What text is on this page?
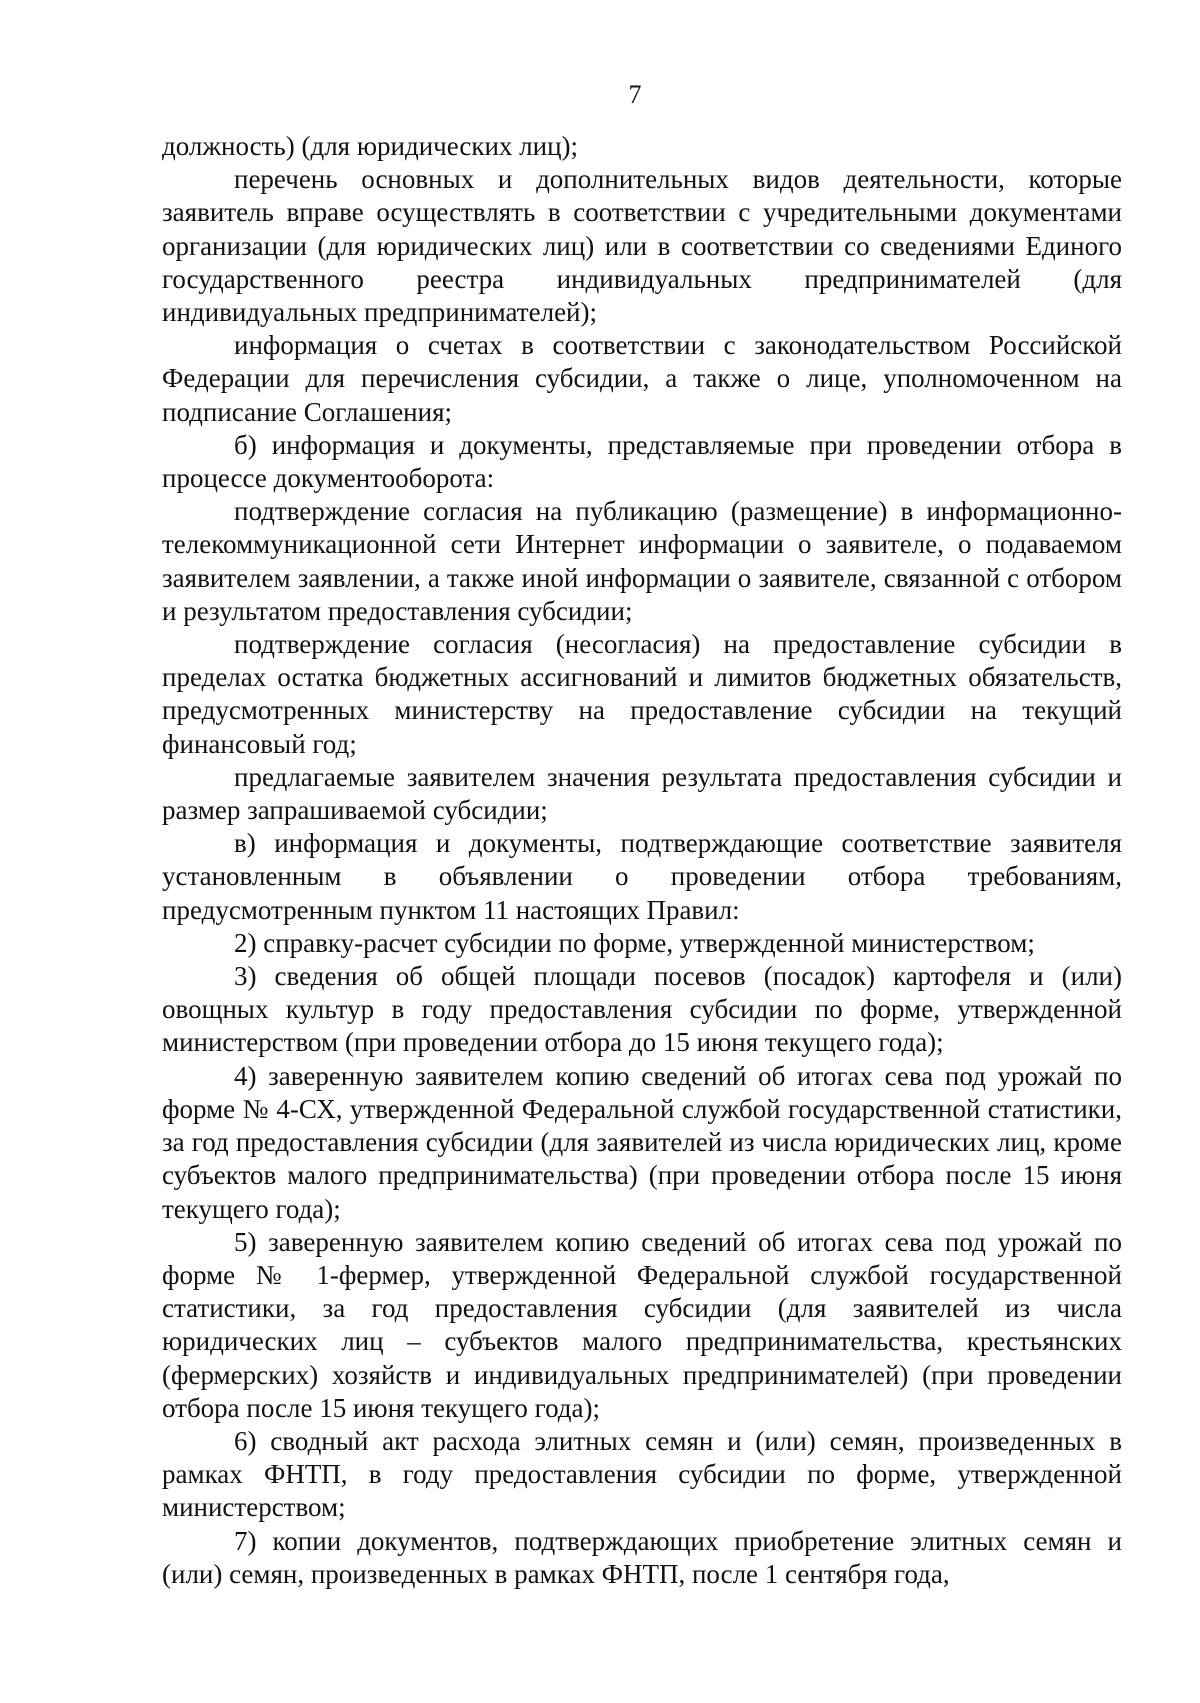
7

должность) (для юридических лиц);

перечень основных и дополнительных видов деятельности, которые заявитель вправе осуществлять в соответствии с учредительными документами организации (для юридических лиц) или в соответствии со сведениями Единого государственного реестра индивидуальных предпринимателей (для индивидуальных предпринимателей);

информация о счетах в соответствии с законодательством Российской Федерации для перечисления субсидии, а также о лице, уполномоченном на подписание Соглашения;

б) информация и документы, представляемые при проведении отбора в процессе документооборота:

подтверждение согласия на публикацию (размещение) в информационно-телекоммуникационной сети Интернет информации о заявителе, о подаваемом заявителем заявлении, а также иной информации о заявителе, связанной с отбором и результатом предоставления субсидии;

подтверждение согласия (несогласия) на предоставление субсидии в пределах остатка бюджетных ассигнований и лимитов бюджетных обязательств, предусмотренных министерству на предоставление субсидии на текущий финансовый год;

предлагаемые заявителем значения результата предоставления субсидии и размер запрашиваемой субсидии;

в) информация и документы, подтверждающие соответствие заявителя установленным в объявлении о проведении отбора требованиям, предусмотренным пунктом 11 настоящих Правил:

2) справку-расчет субсидии по форме, утвержденной министерством;

3) сведения об общей площади посевов (посадок) картофеля и (или) овощных культур в году предоставления субсидии по форме, утвержденной министерством (при проведении отбора до 15 июня текущего года);

4) заверенную заявителем копию сведений об итогах сева под урожай по форме № 4-СХ, утвержденной Федеральной службой государственной статистики, за год предоставления субсидии (для заявителей из числа юридических лиц, кроме субъектов малого предпринимательства) (при проведении отбора после 15 июня текущего года);

5) заверенную заявителем копию сведений об итогах сева под урожай по форме № 1-фермер, утвержденной Федеральной службой государственной статистики, за год предоставления субсидии (для заявителей из числа юридических лиц – субъектов малого предпринимательства, крестьянских (фермерских) хозяйств и индивидуальных предпринимателей) (при проведении отбора после 15 июня текущего года);

6) сводный акт расхода элитных семян и (или) семян, произведенных в рамках ФНТП, в году предоставления субсидии по форме, утвержденной министерством;

7) копии документов, подтверждающих приобретение элитных семян и (или) семян, произведенных в рамках ФНТП, после 1 сентября года,
